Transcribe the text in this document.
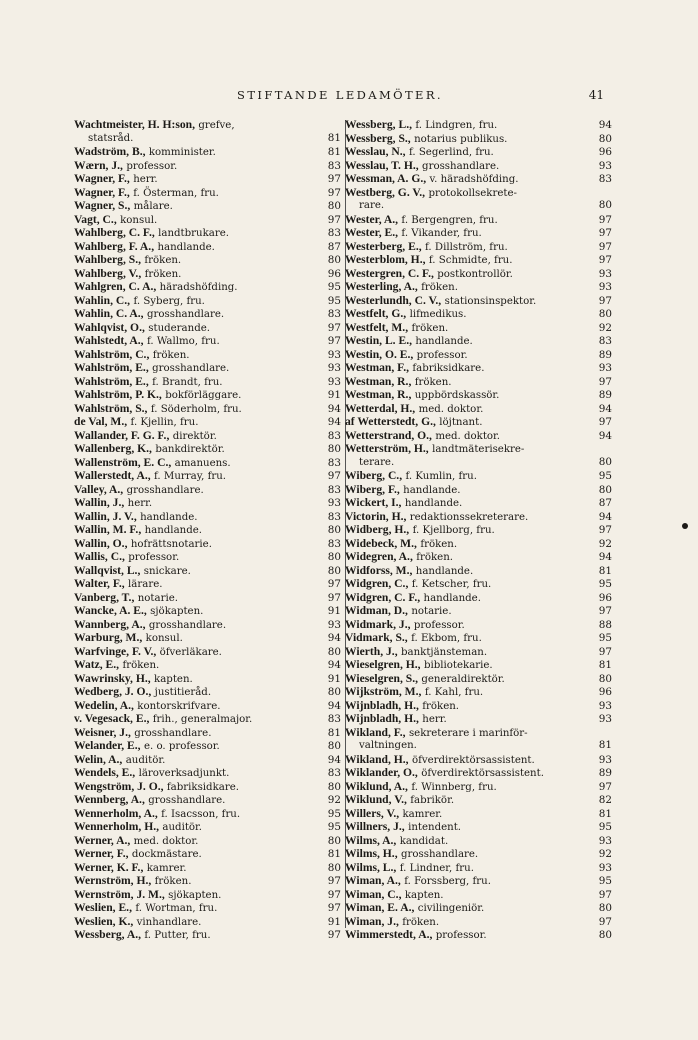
STIFTANDE LEDAMÖTER.	41
Wachtmeister, H. H:son, grefve,
statsråd.	81
Wadström, B., komminister.	81
Wærn, J., professor.	83
Wagner, F., herr.	97
Wagner, F., f. Österman, fru.	97
Wagner, S., målare.	80
Vagt, C., konsul.	97
Wahlberg, C. F., landtbrukare.	83
Wahlberg, F. A., handlande.	87
Wahlberg, S., fröken.	80
Wahlberg, V., fröken.	96
Wahlgren, C. A., häradshöfding.	95
Wahlin, C., f. Syberg, fru.	95
Wahlin, C. A., grosshandlare.	83
Wahlqvist, O., studerande.	97
Wahlstedt, A., f. Wallmo, fru.	97
Wahlström, C., fröken.	93
Wahlström, E., grosshandlare.	93
Wahlström, E., f. Brandt, fru.	93
Wahlström, P. K., bokförläggare.	91
Wahlström, S., f. Söderholm, fru.	94
de Val, M., f. Kjellin, fru.	94
Wallander, F. G. F., direktör.	83
Wallenberg, K., bankdirektör.	80
Wallenström, E. C., amanuens.	83
Wallerstedt, A., f. Murray, fru.	97
Valley, A., grosshandlare.	83
Wallin, J., herr.	93
Wallin, J. V., handlande.	83
Wallin, M. F., handlande.	80
Wallin, O., hofrättsnotarie.	83
Wallis, C., professor.	80
Wallqvist, L., snickare.	80
Walter, F., lärare.	97
Vanberg, T., notarie.	97
Wancke, A. E., sjökapten.	91
Wannberg, A., grosshandlare.	93
Warburg, M., konsul.	94
Warfvinge, F. V., öfverläkare.	80
Watz, E., fröken.	94
Wawrinsky, H., kapten.	91
Wedberg, J. O., justitieråd.	80
Wedelin, A., kontorskrifvare.	94
v. Vegesack, E., frih., generalmajor.	83
Weisner, J., grosshandlare.	81
Welander, E., e. o. professor.	80
Welin, A., auditör.	94
Wendels, E., läroverksadjunkt.	83
Wengström, J. O., fabriksidkare.	80
Wennberg, A., grosshandlare.	92
Wennerholm, A., f. Isacsson, fru.	95
Wennerholm, H., auditör.	95
Werner, A., med. doktor.	80
Werner, F., dockmästare.	81
Werner, K. F., kamrer.	80
Wernström, H., fröken.	97
Wernström, J. M., sjökapten.	97
Weslien, E., f. Wortman, fru.	97
Weslien, K., vinhandlare.	91
Wessberg, A., f. Putter, fru.	97
Wessberg, L., f. Lindgren, fru.	94
Wessberg, S., notarius publikus.	80
Wesslau, N., f. Segerlind, fru.	96
Wesslau, T. H., grosshandlare.	93
Wessman, A. G., v. häradshöfding.	83
Westberg, G. V., protokollsekrete-
rare.	80
Wester, A., f. Bergengren, fru.	97
Wester, E., f. Vikander, fru.	97
Westerberg, E., f. Dillström, fru.	97
Westerblom, H., f. Schmidte, fru.	97
Westergren, C. F., postkontrollör.	93
Westerling, A., fröken.	93
Westerlundh, C. V., stationsinspektor.	97
Westfelt, G., lifmedikus.	80
Westfelt, M., fröken.	92
Westin, L. E., handlande.	83
Westin, O. E., professor.	89
Westman, F., fabriksidkare.	93
Westman, R., fröken.	97
Westman, R., uppbördskassör.	89
Wetterdal, H., med. doktor.	94
af Wetterstedt, G., löjtnant.	97
Wetterstrand, O., med. doktor.	94
Wetterström, H., landtmäterisekre-
terare.	80
Wiberg, C., f. Kumlin, fru.	95
Wiberg, F., handlande.	80
Wickert, I., handlande.	87
Victorin, H., redaktionssekreterare.	94
Widberg, H., f. Kjellborg, fru.	97
Widebeck, M., fröken.	92
Widegren, A., fröken.	94
Widforss, M., handlande.	81
Widgren, C., f. Ketscher, fru.	95
Widgren, C. F., handlande.	96
Widman, D., notarie.	97
Widmark, J., professor.	88
Vidmark, S., f. Ekbom, fru.	95
Wierth, J., banktjänsteman.	97
Wieselgren, H., bibliotekarie.	81
Wieselgren, S., generaldirektör.	80
Wijkström, M., f. Kahl, fru.	96
Wijnbladh, H., fröken.	93
Wijnbladh, H., herr.	93
Wikland, F., sekreterare i marinför-
valtningen.	81
Wikland, H., öfverdirektörsassistent.	93
Wiklander, O., öfverdirektörsassistent.	89
Wiklund, A., f. Winnberg, fru.	97
Wiklund, V., fabrikör.	82
Willers, V., kamrer.	81
Willners, J., intendent.	95
Wilms, A., kandidat.	93
Wilms, H., grosshandlare.	92
Wilms, L., f. Lindner, fru.	93
Wiman, A., f. Forssberg, fru.	95
Wiman, C., kapten.	97
Wiman, E. A., civilingeniör.	80
Wiman, J., fröken.	97
Wimmerstedt, A., professor.	80
